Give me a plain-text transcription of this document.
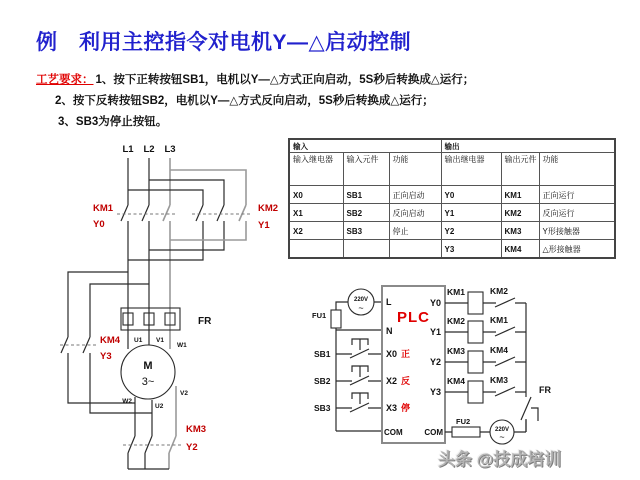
例　利用主控指令对电机Y—△启动控制
工艺要求： 1、按下正转按钮SB1，电机以Y—△方式正向启动，5S秒后转换成△运行；
2、按下反转按钮SB2，电机以Y—△方式反向启动，5S秒后转换成△运行；
3、SB3为停止按钮。
输入			输出		
输入继电器	输入元件	功能	输出继电器	输出元件	功能
X0	SB1	正向启动	Y0	KM1	正向运行
X1	SB2	反向启动	Y1	KM2	反向运行
X2	SB3	停止	Y2	KM3	Y形接触器
			Y3	KM4	△形接触器
L1 L2 L3
KM1
Y0
KM2
Y1
KM4
Y3
FR
U1 V1
W1
M
3~
W2
U2
V2
KM3
Y2
220V
~
FU1
SB1
SB2
SB3
PLC
L
N
X0 正
X2 反
X3 停
COM
Y0
Y1
Y2
Y3
COM
KM1	KM2
KM2	KM1
KM3	KM4
KM4	KM3
FR
FU2
220V
~
头条 @技成培训
